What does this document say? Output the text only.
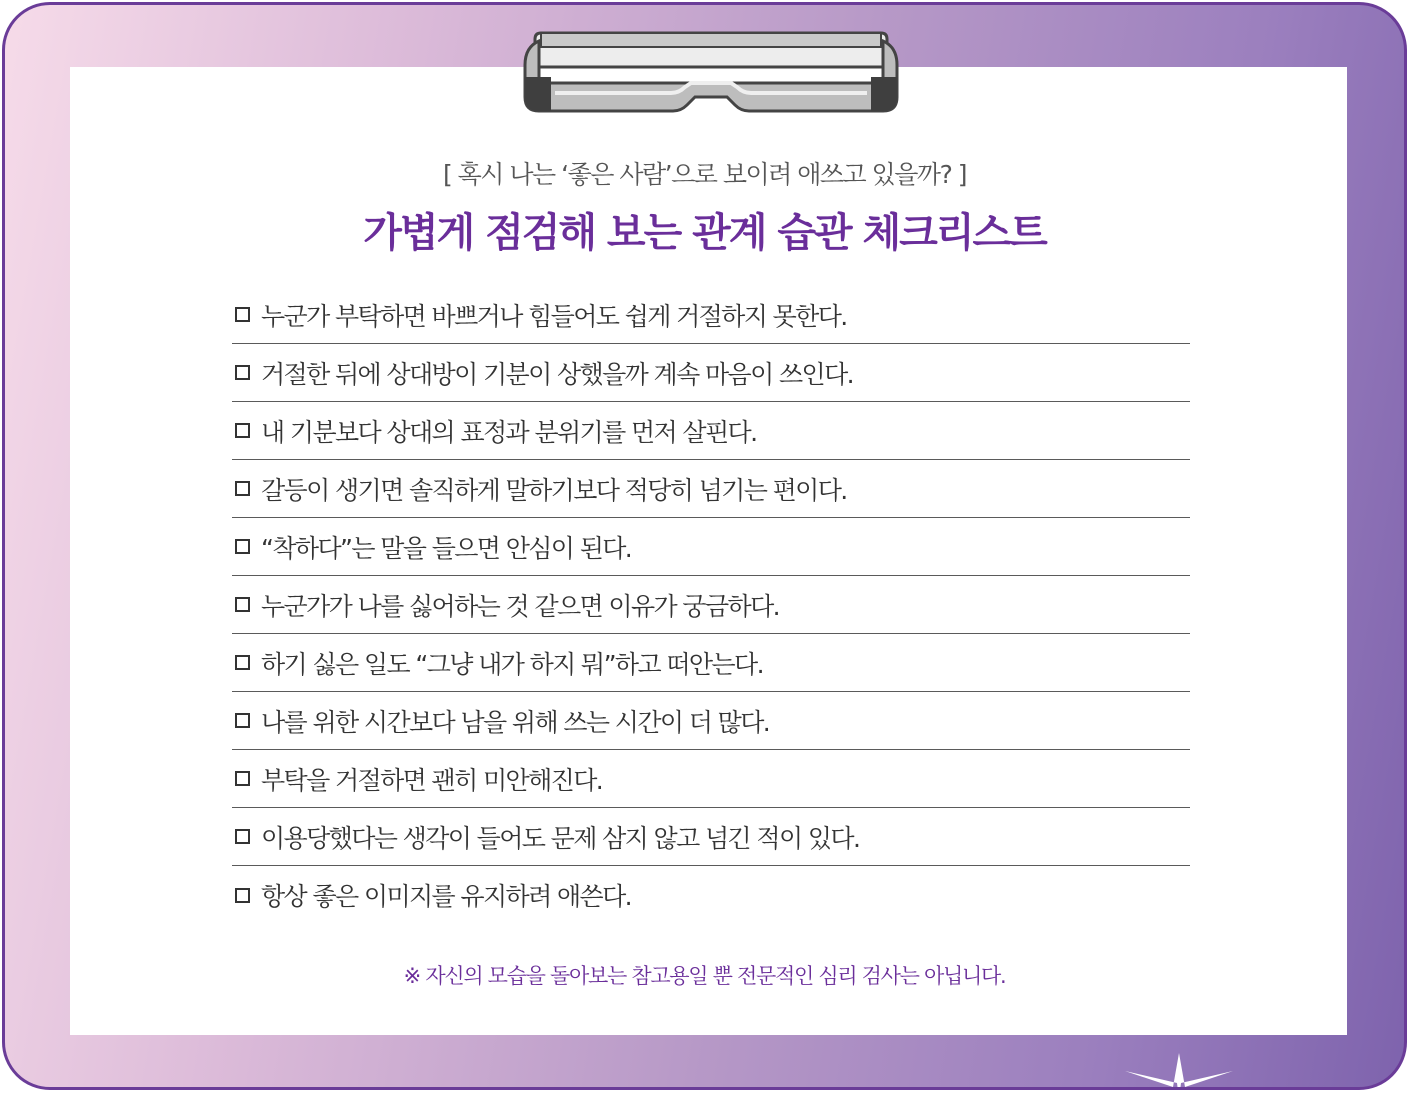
[ 혹시 나는 ‘좋은 사람’으로 보이려 애쓰고 있을까? ]
가볍게 점검해 보는 관계 습관 체크리스트
누군가 부탁하면 바쁘거나 힘들어도 쉽게 거절하지 못한다.
거절한 뒤에 상대방이 기분이 상했을까 계속 마음이 쓰인다.
내 기분보다 상대의 표정과 분위기를 먼저 살핀다.
갈등이 생기면 솔직하게 말하기보다 적당히 넘기는 편이다.
“착하다”는 말을 들으면 안심이 된다.
누군가가 나를 싫어하는 것 같으면 이유가 궁금하다.
하기 싫은 일도 “그냥 내가 하지 뭐”하고 떠안는다.
나를 위한 시간보다 남을 위해 쓰는 시간이 더 많다.
부탁을 거절하면 괜히 미안해진다.
이용당했다는 생각이 들어도 문제 삼지 않고 넘긴 적이 있다.
항상 좋은 이미지를 유지하려 애쓴다.
※ 자신의 모습을 돌아보는 참고용일 뿐 전문적인 심리 검사는 아닙니다.
